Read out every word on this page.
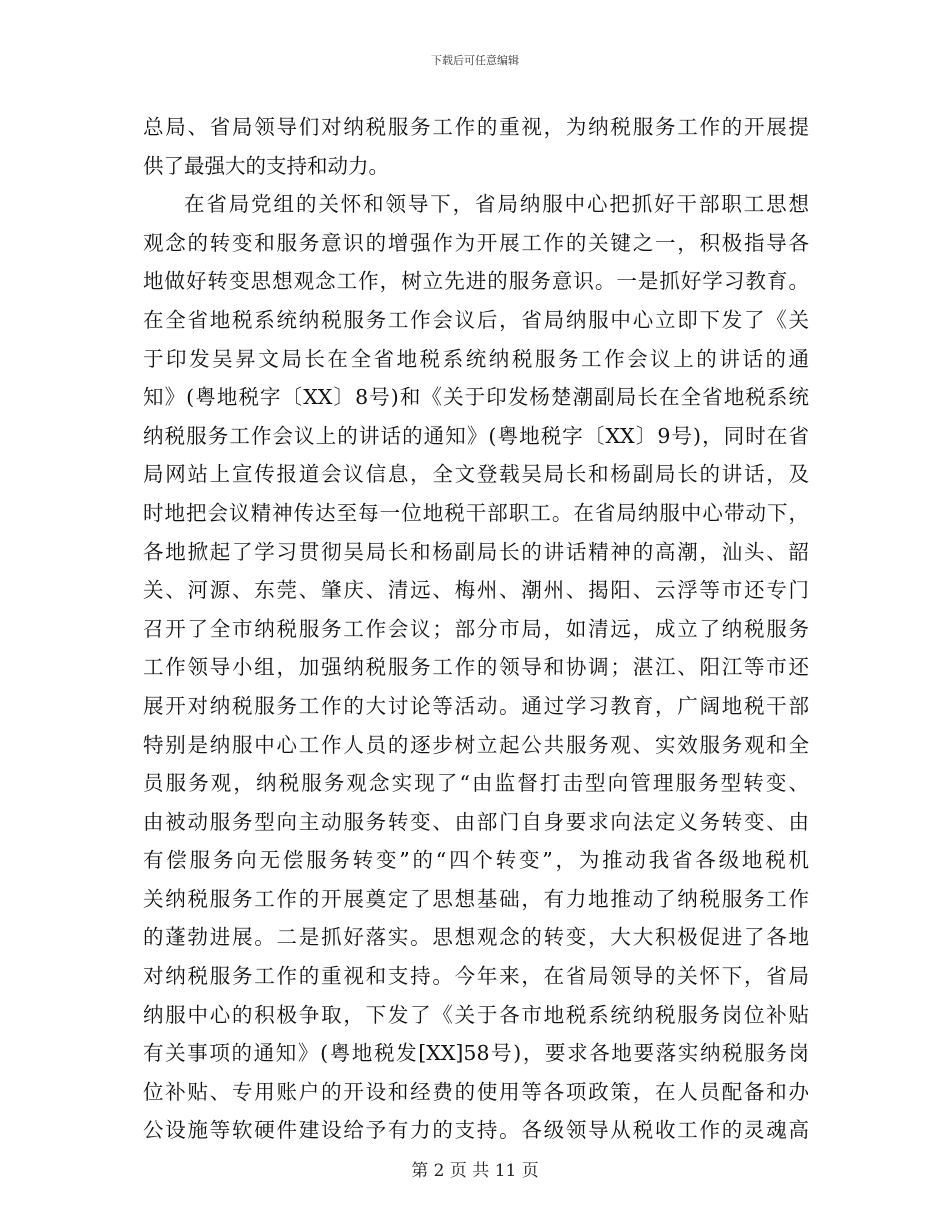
下载后可任意编辑
总局、省局领导们对纳税服务工作的重视，为纳税服务工作的开展提
供了最强大的支持和动力。
在省局党组的关怀和领导下，省局纳服中心把抓好干部职工思想
观念的转变和服务意识的增强作为开展工作的关键之一，积极指导各
地做好转变思想观念工作，树立先进的服务意识。一是抓好学习教育。
在全省地税系统纳税服务工作会议后，省局纳服中心立即下发了《关
于印发吴昇文局长在全省地税系统纳税服务工作会议上的讲话的通
知》(粤地税字〔XX〕8号)和《关于印发杨楚潮副局长在全省地税系统
纳税服务工作会议上的讲话的通知》(粤地税字〔XX〕9号)，同时在省
局网站上宣传报道会议信息，全文登载吴局长和杨副局长的讲话，及
时地把会议精神传达至每一位地税干部职工。在省局纳服中心带动下，
各地掀起了学习贯彻吴局长和杨副局长的讲话精神的高潮，汕头、韶
关、河源、东莞、肇庆、清远、梅州、潮州、揭阳、云浮等市还专门
召开了全市纳税服务工作会议；部分市局，如清远，成立了纳税服务
工作领导小组，加强纳税服务工作的领导和协调；湛江、阳江等市还
展开对纳税服务工作的大讨论等活动。通过学习教育，广阔地税干部
特别是纳服中心工作人员的逐步树立起公共服务观、实效服务观和全
员服务观，纳税服务观念实现了“由监督打击型向管理服务型转变、
由被动服务型向主动服务转变、由部门自身要求向法定义务转变、由
有偿服务向无偿服务转变”的“四个转变”，为推动我省各级地税机
关纳税服务工作的开展奠定了思想基础，有力地推动了纳税服务工作
的蓬勃进展。二是抓好落实。思想观念的转变，大大积极促进了各地
对纳税服务工作的重视和支持。今年来，在省局领导的关怀下，省局
纳服中心的积极争取，下发了《关于各市地税系统纳税服务岗位补贴
有关事项的通知》(粤地税发[XX]58号)，要求各地要落实纳税服务岗
位补贴、专用账户的开设和经费的使用等各项政策，在人员配备和办
公设施等软硬件建设给予有力的支持。各级领导从税收工作的灵魂高
第 2 页 共 11 页
